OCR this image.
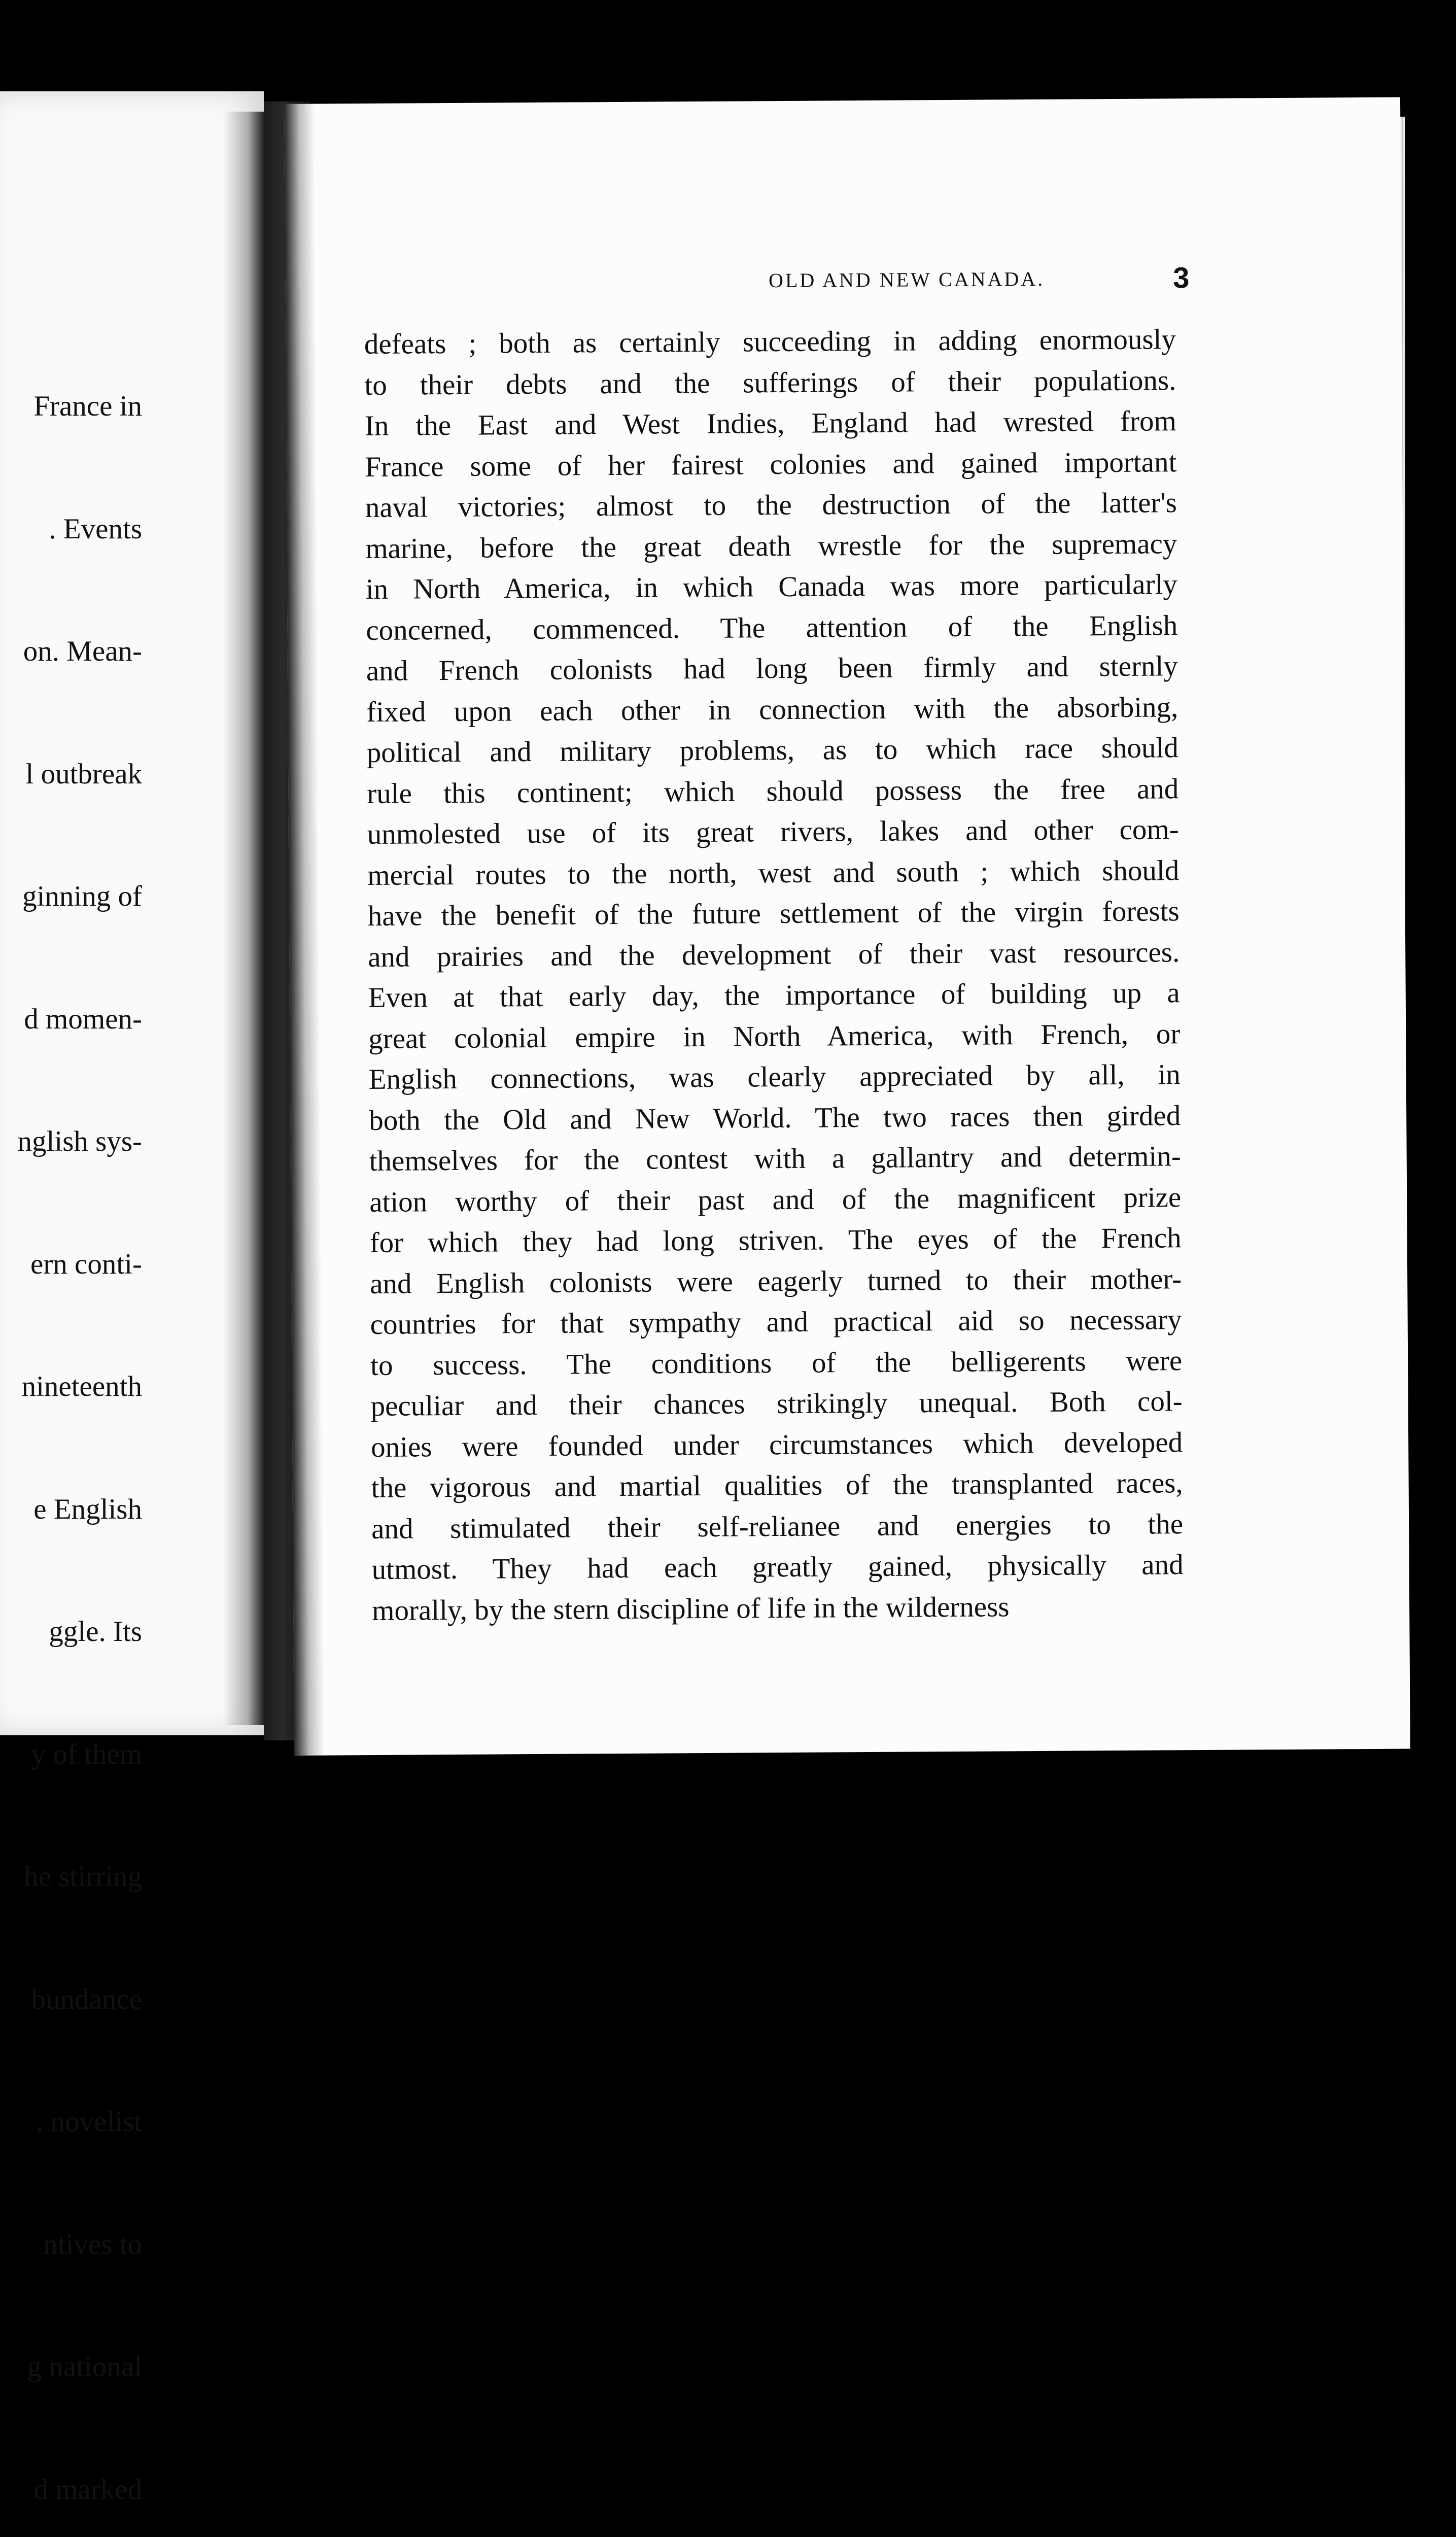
France in

. Events

on. Mean-

l outbreak

ginning of

d momen-

nglish sys-

ern conti-

nineteenth

e English

ggle. Its

y of them

he stirring

bundance

, novelist

ntives to

g national

d marked

OLD AND NEW CANADA.	3
defeats ; both as certainly succeeding in adding enormously
to their debts and the sufferings of their populations.
In the East and West Indies, England had wrested from
France some of her fairest colonies and gained important
naval victories; almost to the destruction of the latter's
marine, before the great death wrestle for the supremacy
in North America, in which Canada was more particularly
concerned, commenced. The attention of the English
and French colonists had long been firmly and sternly
fixed upon each other in connection with the absorbing,
political and military problems, as to which race should
rule this continent; which should possess the free and
unmolested use of its great rivers, lakes and other com-
mercial routes to the north, west and south ; which should
have the benefit of the future settlement of the virgin forests
and prairies and the development of their vast resources.
Even at that early day, the importance of building up a
great colonial empire in North America, with French, or
English connections, was clearly appreciated by all, in
both the Old and New World. The two races then girded
themselves for the contest with a gallantry and determin-
ation worthy of their past and of the magnificent prize
for which they had long striven. The eyes of the French
and English colonists were eagerly turned to their mother-
countries for that sympathy and practical aid so necessary
to success. The conditions of the belligerents were
peculiar and their chances strikingly unequal. Both col-
onies were founded under circumstances which developed
the vigorous and martial qualities of the transplanted races,
and stimulated their self-relianee and energies to the
utmost. They had each greatly gained, physically and
morally, by the stern discipline of life in the wilderness
